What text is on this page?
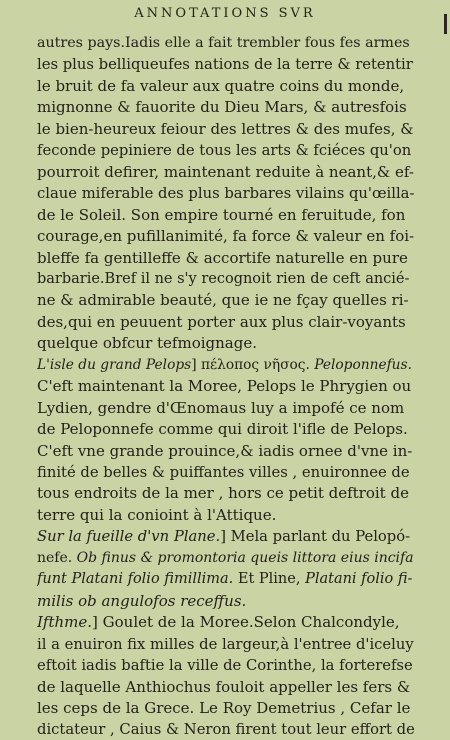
ANNOTATIONS SVR
autres pays.Iadis elle a fait trembler fous fes armes
les plus belliqueufes nations de la terre & retentir
le bruit de fa valeur aux quatre coins du monde,
mignonne & fauorite du Dieu Mars, & autresfois
le bien-heureux feiour des lettres & des mufes, &
feconde pepiniere de tous les arts & fciéces qu'on
pourroit defirer, maintenant reduite à neant,& ef-
claue miferable des plus barbares vilains qu'œilla-
de le Soleil. Son empire tourné en feruitude, fon
courage,en pufillanimité, fa force & valeur en foi-
bleffe fa gentilleffe & accortife naturelle en pure
barbarie.Bref il ne s'y recognoit rien de ceft ancié-
ne & admirable beauté, que ie ne fçay quelles ri-
des,qui en peuuent porter aux plus clair-voyants
quelque obfcur tefmoignage.
L'isle du grand Pelops] πέλοπος νῆσος. Peloponnefus.
C'eft maintenant la Moree, Pelops le Phrygien ou
Lydien, gendre d'Œnomaus luy a impofé ce nom
de Peloponnefe comme qui diroit l'ifle de Pelops.
C'eft vne grande prouince,& iadis ornee d'vne in-
finité de belles & puiffantes villes , enuironnee de
tous endroits de la mer , hors ce petit deftroit de
terre qui la conioint à l'Attique.
Sur la fueille d'vn Plane.] Mela parlant du Pelopó-
nefe. Ob finus & promontoria queis littora eius incifa
funt Platani folio fimillima. Et Pline, Platani folio fi-
milis ob angulofos receffus.
Ifthme.] Goulet de la Moree.Selon Chalcondyle,
il a enuiron fix milles de largeur,à l'entree d'iceluy
eftoit iadis baftie la ville de Corinthe, la forterefse
de laquelle Anthiochus fouloit appeller les fers &
les ceps de la Grece. Le Roy Demetrius , Cefar le
dictateur , Caius & Neron firent tout leur effort de
